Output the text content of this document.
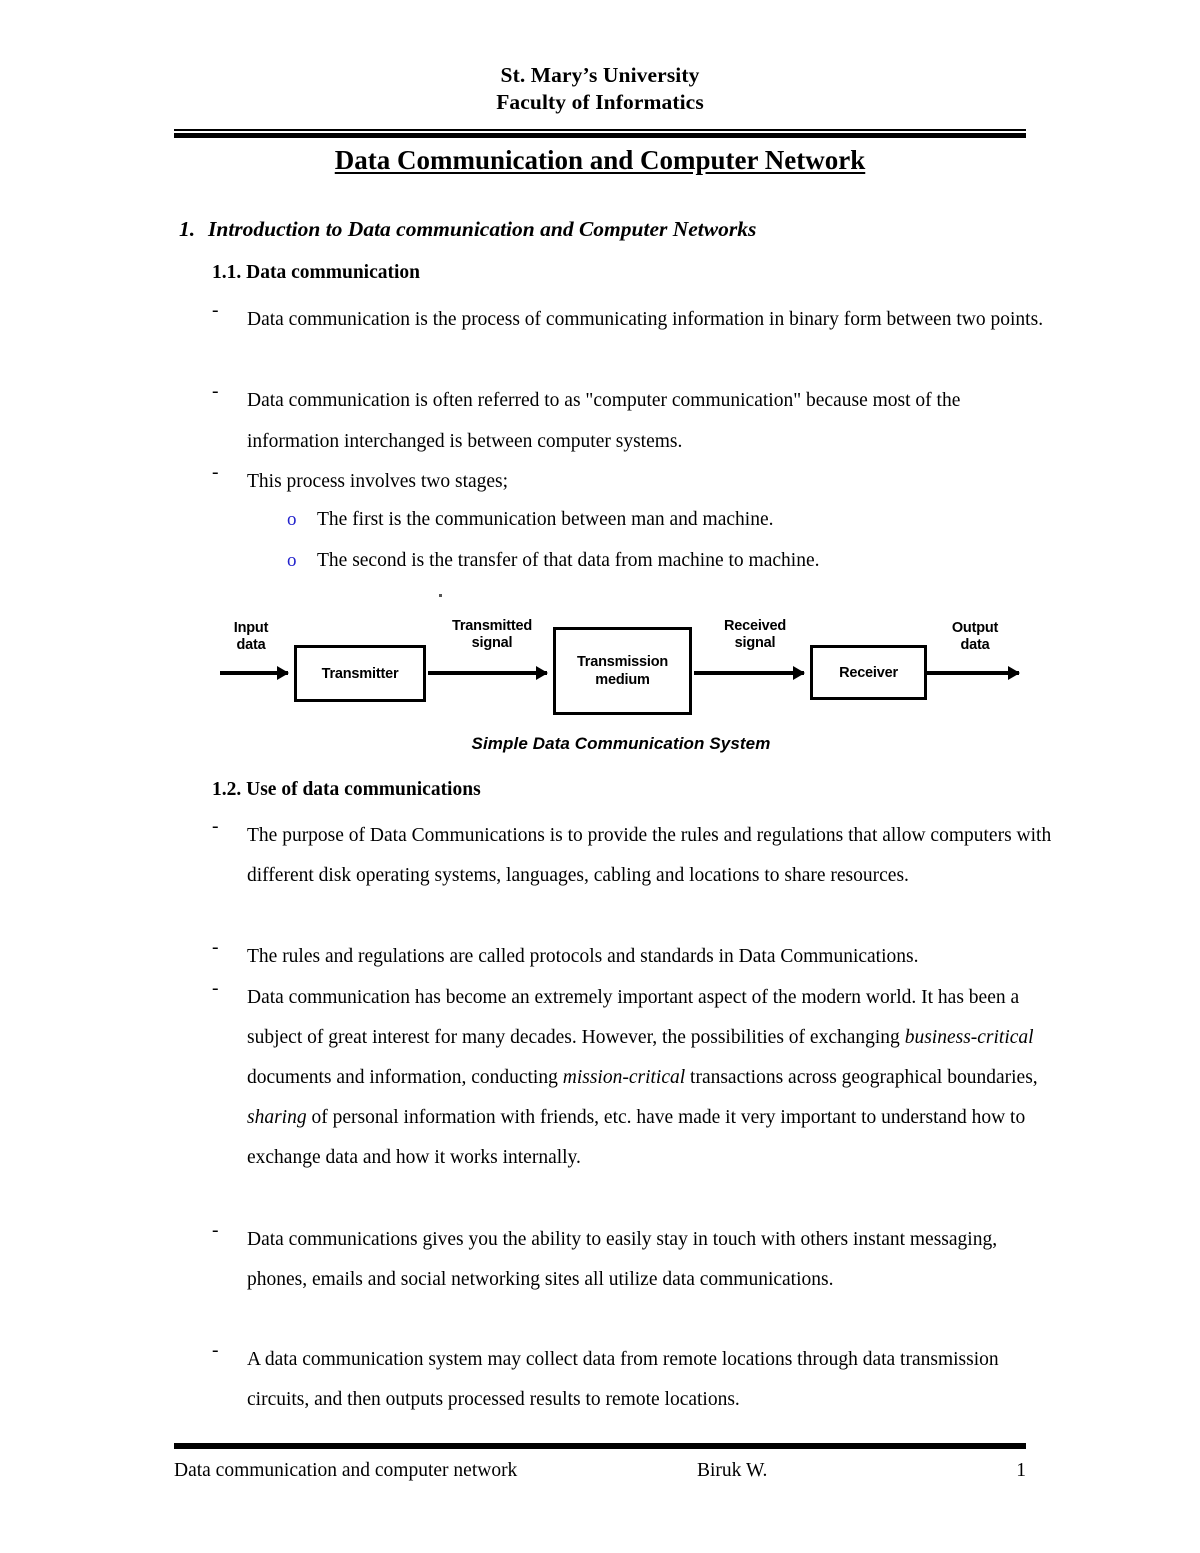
St. Mary’s University
Faculty of Informatics
Data Communication and Computer Network
1. Introduction to Data communication and Computer Networks
1.1. Data communication
-	Data communication is the process of communicating information in binary form between two points.
-	Data communication is often referred to as "computer communication" because most of the information interchanged is between computer systems.
-	This process involves two stages;
o The first is the communication between man and machine.
o The second is the transfer of that data from machine to machine.
Input
data
Transmitter
Transmitted
signal
Transmission
medium
Received
signal
Receiver
Output
data
Simple Data Communication System
1.2. Use of data communications
-	The purpose of Data Communications is to provide the rules and regulations that allow computers with different disk operating systems, languages, cabling and locations to share resources.
-	The rules and regulations are called protocols and standards in Data Communications.
-	Data communication has become an extremely important aspect of the modern world. It has been a subject of great interest for many decades. However, the possibilities of exchanging business-critical documents and information, conducting mission-critical transactions across geographical boundaries, sharing of personal information with friends, etc. have made it very important to understand how to exchange data and how it works internally.
-	Data communications gives you the ability to easily stay in touch with others instant messaging, phones, emails and social networking sites all utilize data communications.
-	A data communication system may collect data from remote locations through data transmission circuits, and then outputs processed results to remote locations.
Data communication and computer network	Biruk W.	1
